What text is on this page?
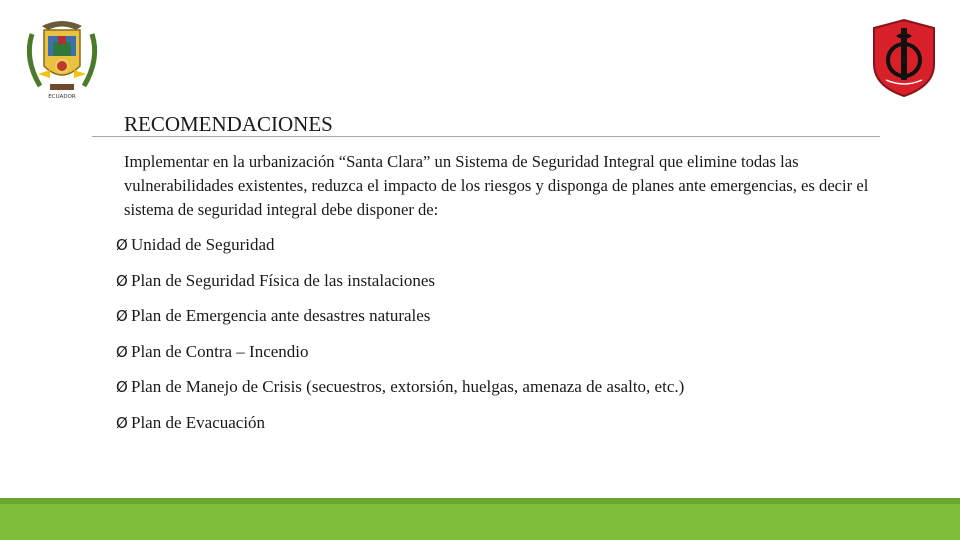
ECUADOR
RECOMENDACIONES
Implementar en la urbanización “Santa Clara” un Sistema de Seguridad Integral que elimine todas las vulnerabilidades existentes, reduzca el impacto de los riesgos y disponga de planes ante emergencias, es decir el sistema de seguridad integral debe disponer de:
Ø Unidad de Seguridad
Ø Plan de Seguridad Física de las instalaciones
Ø Plan de Emergencia ante desastres naturales
Ø Plan de Contra – Incendio
Ø Plan de Manejo de Crisis (secuestros, extorsión, huelgas, amenaza de asalto, etc.)
Ø Plan de Evacuación
